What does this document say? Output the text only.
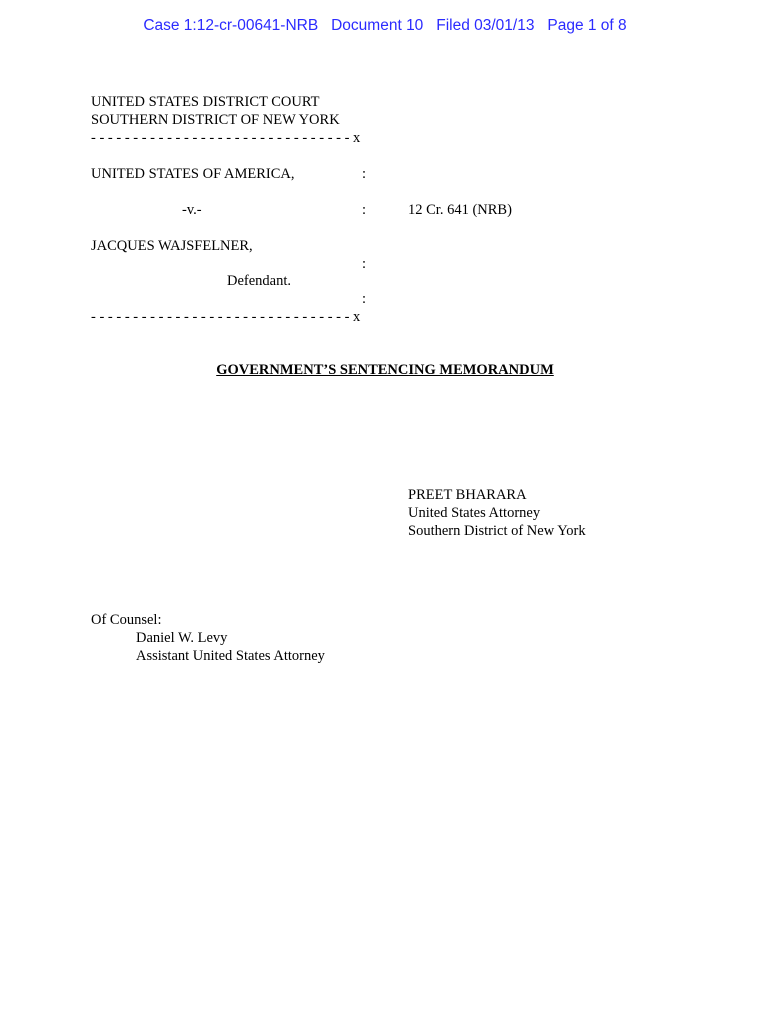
Case 1:12-cr-00641-NRB   Document 10   Filed 03/01/13   Page 1 of 8
UNITED STATES DISTRICT COURT
SOUTHERN DISTRICT OF NEW YORK
- - - - - - - - - - - - - - - - - - - - - - - - - - - - - - - x
UNITED STATES OF AMERICA,	:
-v.-	:	12 Cr. 641 (NRB)
JACQUES WAJSFELNER,
:
Defendant.
:
- - - - - - - - - - - - - - - - - - - - - - - - - - - - - - - x
GOVERNMENT’S SENTENCING MEMORANDUM
PREET BHARARA
United States Attorney
Southern District of New York
Of Counsel:
Daniel W. Levy
Assistant United States Attorney
